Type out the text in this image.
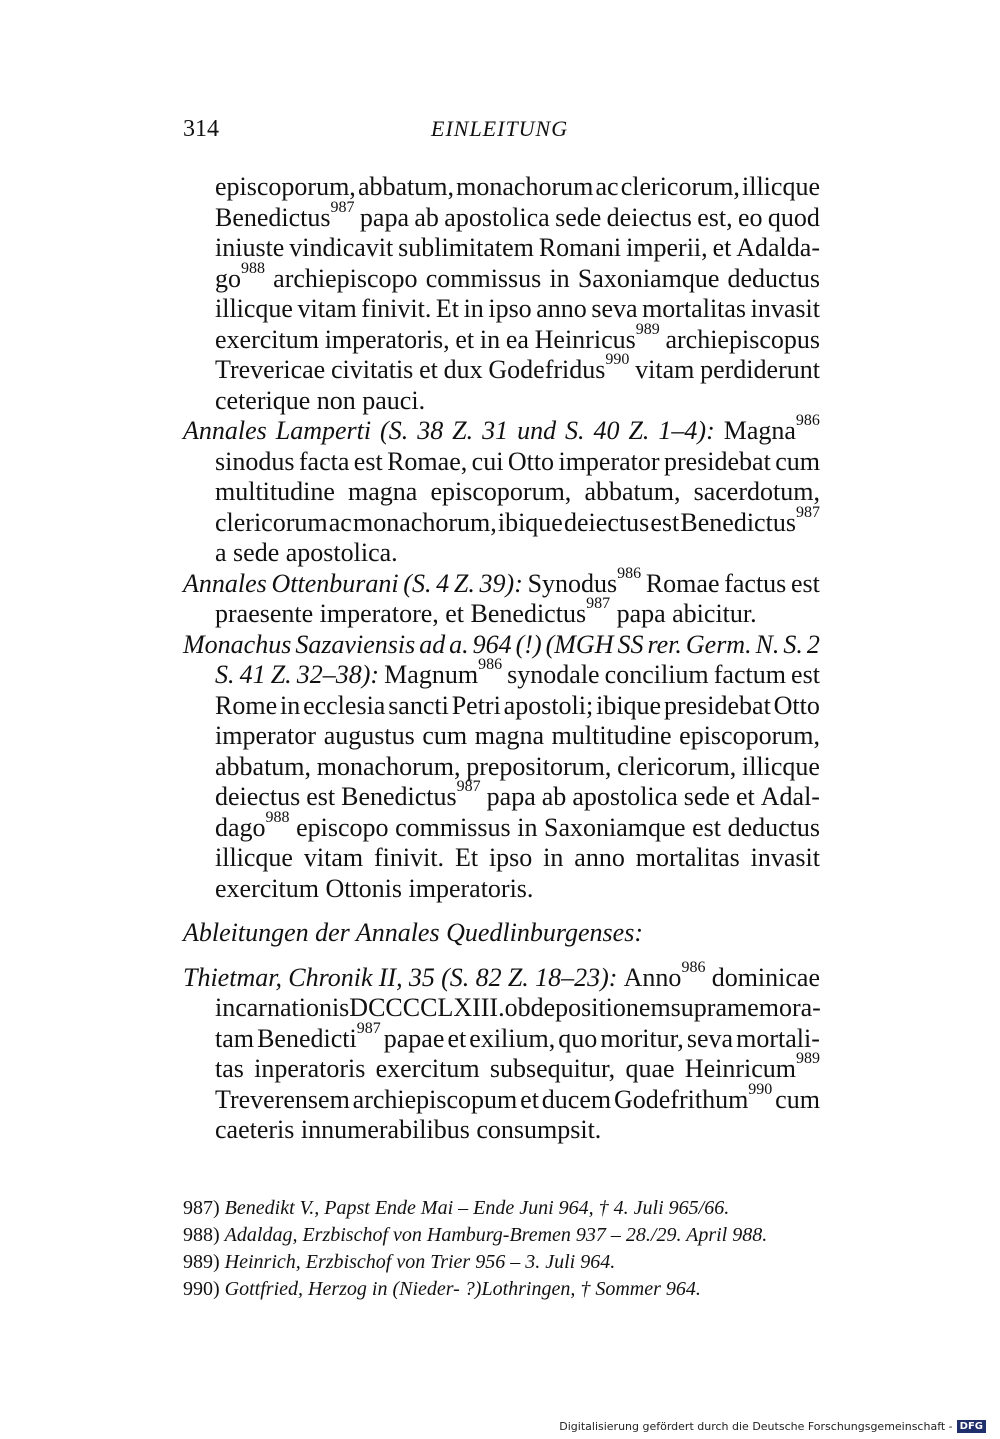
314	EINLEITUNG
episcoporum, abbatum, monachorum ac clericorum, illicque
Benedictus$^{987}$ papa ab apostolica sede deiectus est, eo quod
iniuste vindicavit sublimitatem Romani imperii, et Adalda-
$go^{988}$ archiepiscopo commissus in Saxoniamque deductus
illicque vitam finivit. Et in ipso anno seva mortalitas invasit
exercitum imperatoris, et in ea Heinricus$^{989}$ archiepiscopus
Trevericae civitatis et dux Godefridus$^{990}$ vitam perdiderunt
ceterique non pauci.
Annales Lamperti (S. 38 Z. 31 und S. 40 Z. 1–4): Magna$^{986}$
sinodus facta est Romae, cui Otto imperator presidebat cum
multitudine magna episcoporum, abbatum, sacerdotum,
clericorum ac monachorum, ibique deiectus est Benedictus$^{987}$
a sede apostolica.
Annales Ottenburani (S. 4 Z. 39): Synodus$^{986}$ Romae factus est
praesente imperatore, et Benedictus$^{987}$ papa abicitur.
Monachus Sazaviensis ad a. 964 (!) (MGH SS rer. Germ. N. S. 2
S. 41 Z. 32–38): Magnum$^{986}$ synodale concilium factum est
Rome in ecclesia sancti Petri apostoli; ibique presidebat Otto
imperator augustus cum magna multitudine episcoporum,
abbatum, monachorum, prepositorum, clericorum, illicque
deiectus est Benedictus$^{987}$ papa ab apostolica sede et Adal-
dago$^{988}$ episcopo commissus in Saxoniamque est deductus
illicque vitam finivit. Et ipso in anno mortalitas invasit
exercitum Ottonis imperatoris.
Ableitungen der Annales Quedlinburgenses:
Thietmar, Chronik II, 35 (S. 82 Z. 18–23): Anno$^{986}$ dominicae
incarnationis DCCCCLXIII. ob depositionem supra memora-
tam Benedicti$^{987}$ papae et exilium, quo moritur, seva mortali-
tas inperatoris exercitum subsequitur, quae Heinricum$^{989}$
Treverensem archiepiscopum et ducem Godefrithum$^{990}$ cum
caeteris innumerabilibus consumpsit.
987) Benedikt V., Papst Ende Mai – Ende Juni 964, † 4. Juli 965/66.
988) Adaldag, Erzbischof von Hamburg-Bremen 937 – 28./29. April 988.
989) Heinrich, Erzbischof von Trier 956 – 3. Juli 964.
990) Gottfried, Herzog in (Nieder- ?)Lothringen, † Sommer 964.
Digitalisierung gefördert durch die Deutsche Forschungsgemeinschaft - DFG
